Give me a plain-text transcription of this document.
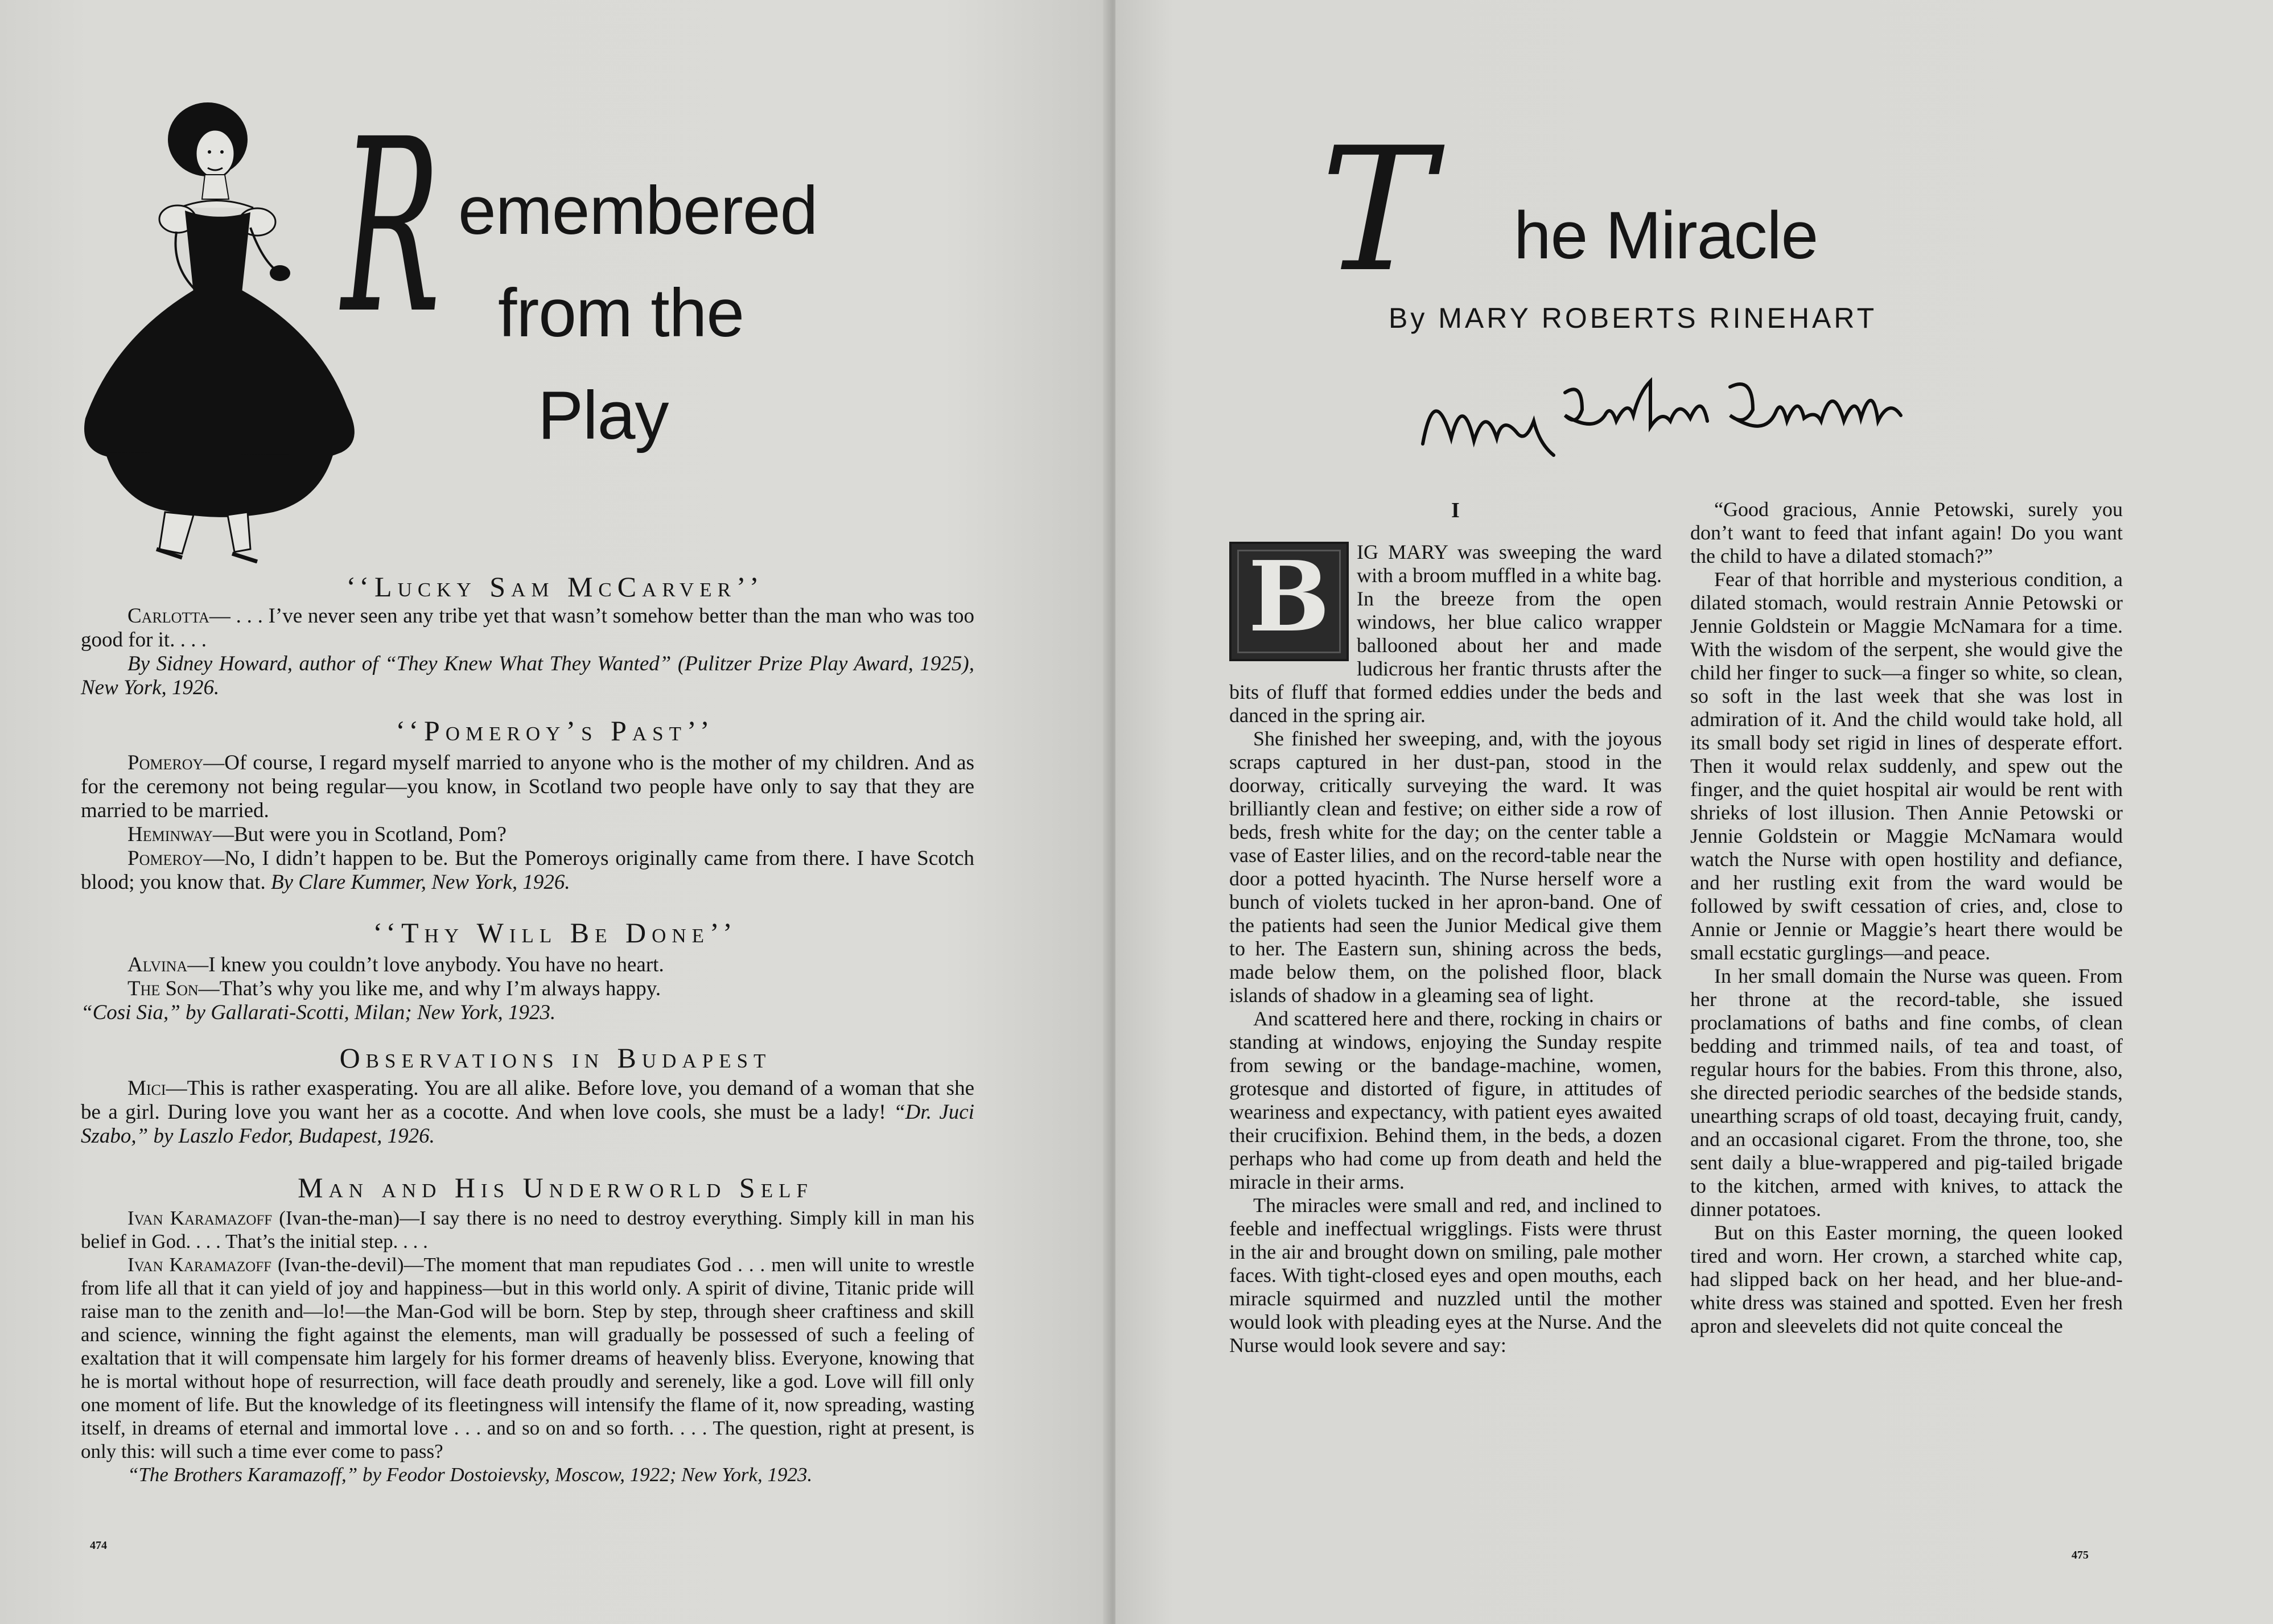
R emembered
from the
Play
‘‘Lucky Sam McCarver’’

Carlotta— . . . I’ve never seen any tribe yet that wasn’t somehow better than the man who was too good for it. . . .

By Sidney Howard, author of “They Knew What They Wanted” (Pulitzer Prize Play Award, 1925), New York, 1926.

‘‘Pomeroy’s Past’’

Pomeroy—Of course, I regard myself married to anyone who is the mother of my children. And as for the ceremony not being regular—you know, in Scotland two people have only to say that they are married to be married.

Heminway—But were you in Scotland, Pom?

Pomeroy—No, I didn’t happen to be. But the Pomeroys originally came from there. I have Scotch blood; you know that. By Clare Kummer, New York, 1926.

‘‘Thy Will Be Done’’

Alvina—I knew you couldn’t love anybody. You have no heart.

The Son—That’s why you like me, and why I’m always happy.

“Cosi Sia,” by Gallarati-Scotti, Milan; New York, 1923.

Observations in Budapest

Mici—This is rather exasperating. You are all alike. Before love, you demand of a woman that she be a girl. During love you want her as a cocotte. And when love cools, she must be a lady! “Dr. Juci Szabo,” by Laszlo Fedor, Budapest, 1926.

Man and His Underworld Self

Ivan Karamazoff (Ivan-the-man)—I say there is no need to destroy everything. Simply kill in man his belief in God. . . . That’s the initial step. . . .

Ivan Karamazoff (Ivan-the-devil)—The moment that man repudiates God . . . men will unite to wrestle from life all that it can yield of joy and happiness—but in this world only. A spirit of divine, Titanic pride will raise man to the zenith and—lo!—the Man-God will be born. Step by step, through sheer craftiness and skill and science, winning the fight against the elements, man will gradually be possessed of such a feeling of exaltation that it will compensate him largely for his former dreams of heavenly bliss. Everyone, knowing that he is mortal without hope of resurrection, will face death proudly and serenely, like a god. Love will fill only one moment of life. But the knowledge of its fleetingness will intensify the flame of it, now spreading, wasting itself, in dreams of eternal and immortal love . . . and so on and so forth. . . . The question, right at present, is only this: will such a time ever come to pass?

“The Brothers Karamazoff,” by Feodor Dostoievsky, Moscow, 1922; New York, 1923.

474
T he Miracle
By MARY ROBERTS RINEHART
I

B	IG MARY was sweeping the ward with a broom muffled in a white bag. In the breeze from the open windows, her blue calico wrapper ballooned about her and made ludicrous her frantic thrusts after the bits of fluff that formed eddies under the beds and danced in the spring air.

She finished her sweeping, and, with the joyous scraps captured in her dust-pan, stood in the doorway, critically surveying the ward. It was brilliantly clean and festive; on either side a row of beds, fresh white for the day; on the center table a vase of Easter lilies, and on the record-table near the door a potted hyacinth. The Nurse herself wore a bunch of violets tucked in her apron-band. One of the patients had seen the Junior Medical give them to her. The Eastern sun, shining across the beds, made below them, on the polished floor, black islands of shadow in a gleaming sea of light.

And scattered here and there, rocking in chairs or standing at windows, enjoying the Sunday respite from sewing or the bandage-machine, women, grotesque and distorted of figure, in attitudes of weariness and expectancy, with patient eyes awaited their crucifixion. Behind them, in the beds, a dozen perhaps who had come up from death and held the miracle in their arms.

The miracles were small and red, and inclined to feeble and ineffectual wrigglings. Fists were thrust in the air and brought down on smiling, pale mother faces. With tight-closed eyes and open mouths, each miracle squirmed and nuzzled until the mother would look with pleading eyes at the Nurse. And the Nurse would look severe and say:

“Good gracious, Annie Petowski, surely you don’t want to feed that infant again! Do you want the child to have a dilated stomach?”

Fear of that horrible and mysterious condition, a dilated stomach, would restrain Annie Petowski or Jennie Goldstein or Maggie McNamara for a time. With the wisdom of the serpent, she would give the child her finger to suck—a finger so white, so clean, so soft in the last week that she was lost in admiration of it. And the child would take hold, all its small body set rigid in lines of desperate effort. Then it would relax suddenly, and spew out the finger, and the quiet hospital air would be rent with shrieks of lost illusion. Then Annie Petowski or Jennie Goldstein or Maggie McNamara would watch the Nurse with open hostility and defiance, and her rustling exit from the ward would be followed by swift cessation of cries, and, close to Annie or Jennie or Maggie’s heart there would be small ecstatic gurglings—and peace.

In her small domain the Nurse was queen. From her throne at the record-table, she issued proclamations of baths and fine combs, of clean bedding and trimmed nails, of tea and toast, of regular hours for the babies. From this throne, also, she directed periodic searches of the bedside stands, unearthing scraps of old toast, decaying fruit, candy, and an occasional cigaret. From the throne, too, she sent daily a blue-wrappered and pig-tailed brigade to the kitchen, armed with knives, to attack the dinner potatoes.

But on this Easter morning, the queen looked tired and worn. Her crown, a starched white cap, had slipped back on her head, and her blue-and-white dress was stained and spotted. Even her fresh apron and sleevelets did not quite conceal the

475
